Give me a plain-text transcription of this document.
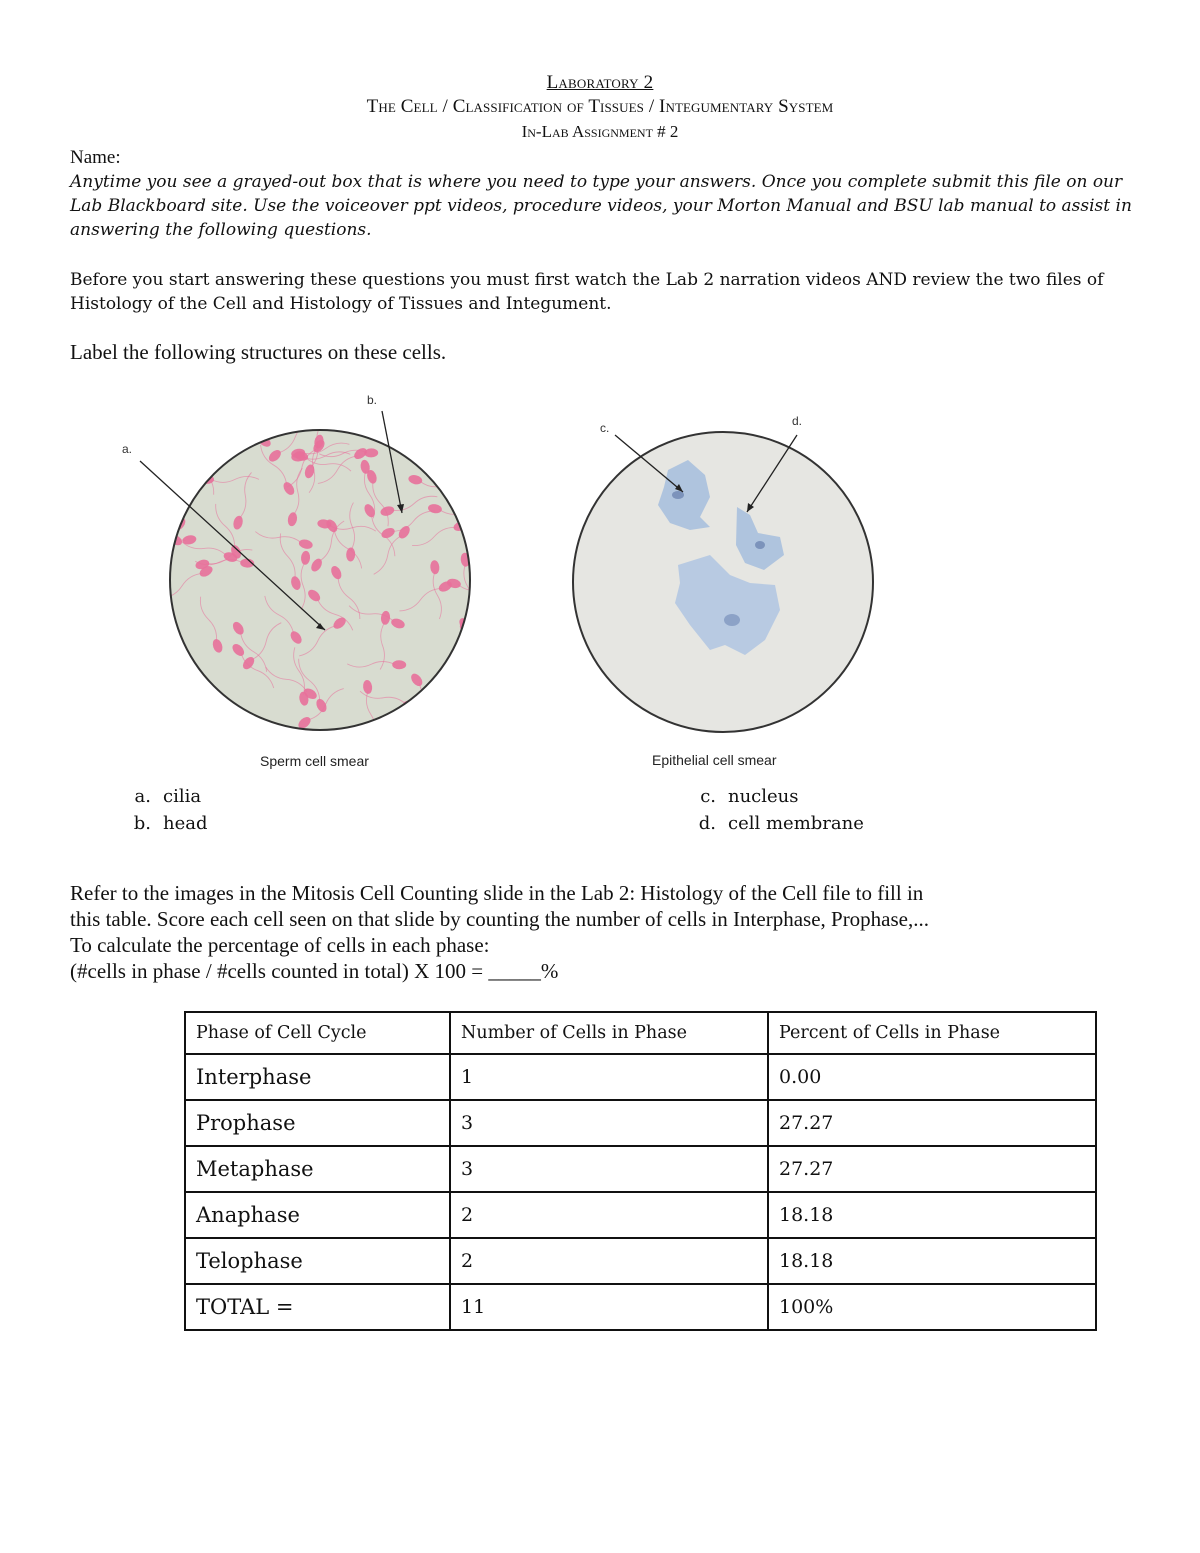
Laboratory 2
The Cell / Classification of Tissues / Integumentary System
In-Lab Assignment # 2
Name:
Anytime you see a grayed-out box that is where you need to type your answers. Once you complete submit this file on our Lab Blackboard site. Use the voiceover ppt videos, procedure videos, your Morton Manual and BSU lab manual to assist in answering the following questions.
Before you start answering these questions you must first watch the Lab 2 narration videos AND review the two files of Histology of the Cell and Histology of Tissues and Integument.
Label the following structures on these cells.
a.
b.
Sperm cell smear
c.	d.
Epithelial cell smear
a. cilia
b. head
c. nucleus
d. cell membrane
Refer to the images in the Mitosis Cell Counting slide in the Lab 2: Histology of the Cell file to fill in
this table. Score each cell seen on that slide by counting the number of cells in Interphase, Prophase,...
To calculate the percentage of cells in each phase:
(#cells in phase / #cells counted in total) X 100 = _____%
Phase of Cell Cycle	Number of Cells in Phase	Percent of Cells in Phase
Interphase	1	0.00
Prophase	3	27.27
Metaphase	3	27.27
Anaphase	2	18.18
Telophase	2	18.18
TOTAL =	11	100%
